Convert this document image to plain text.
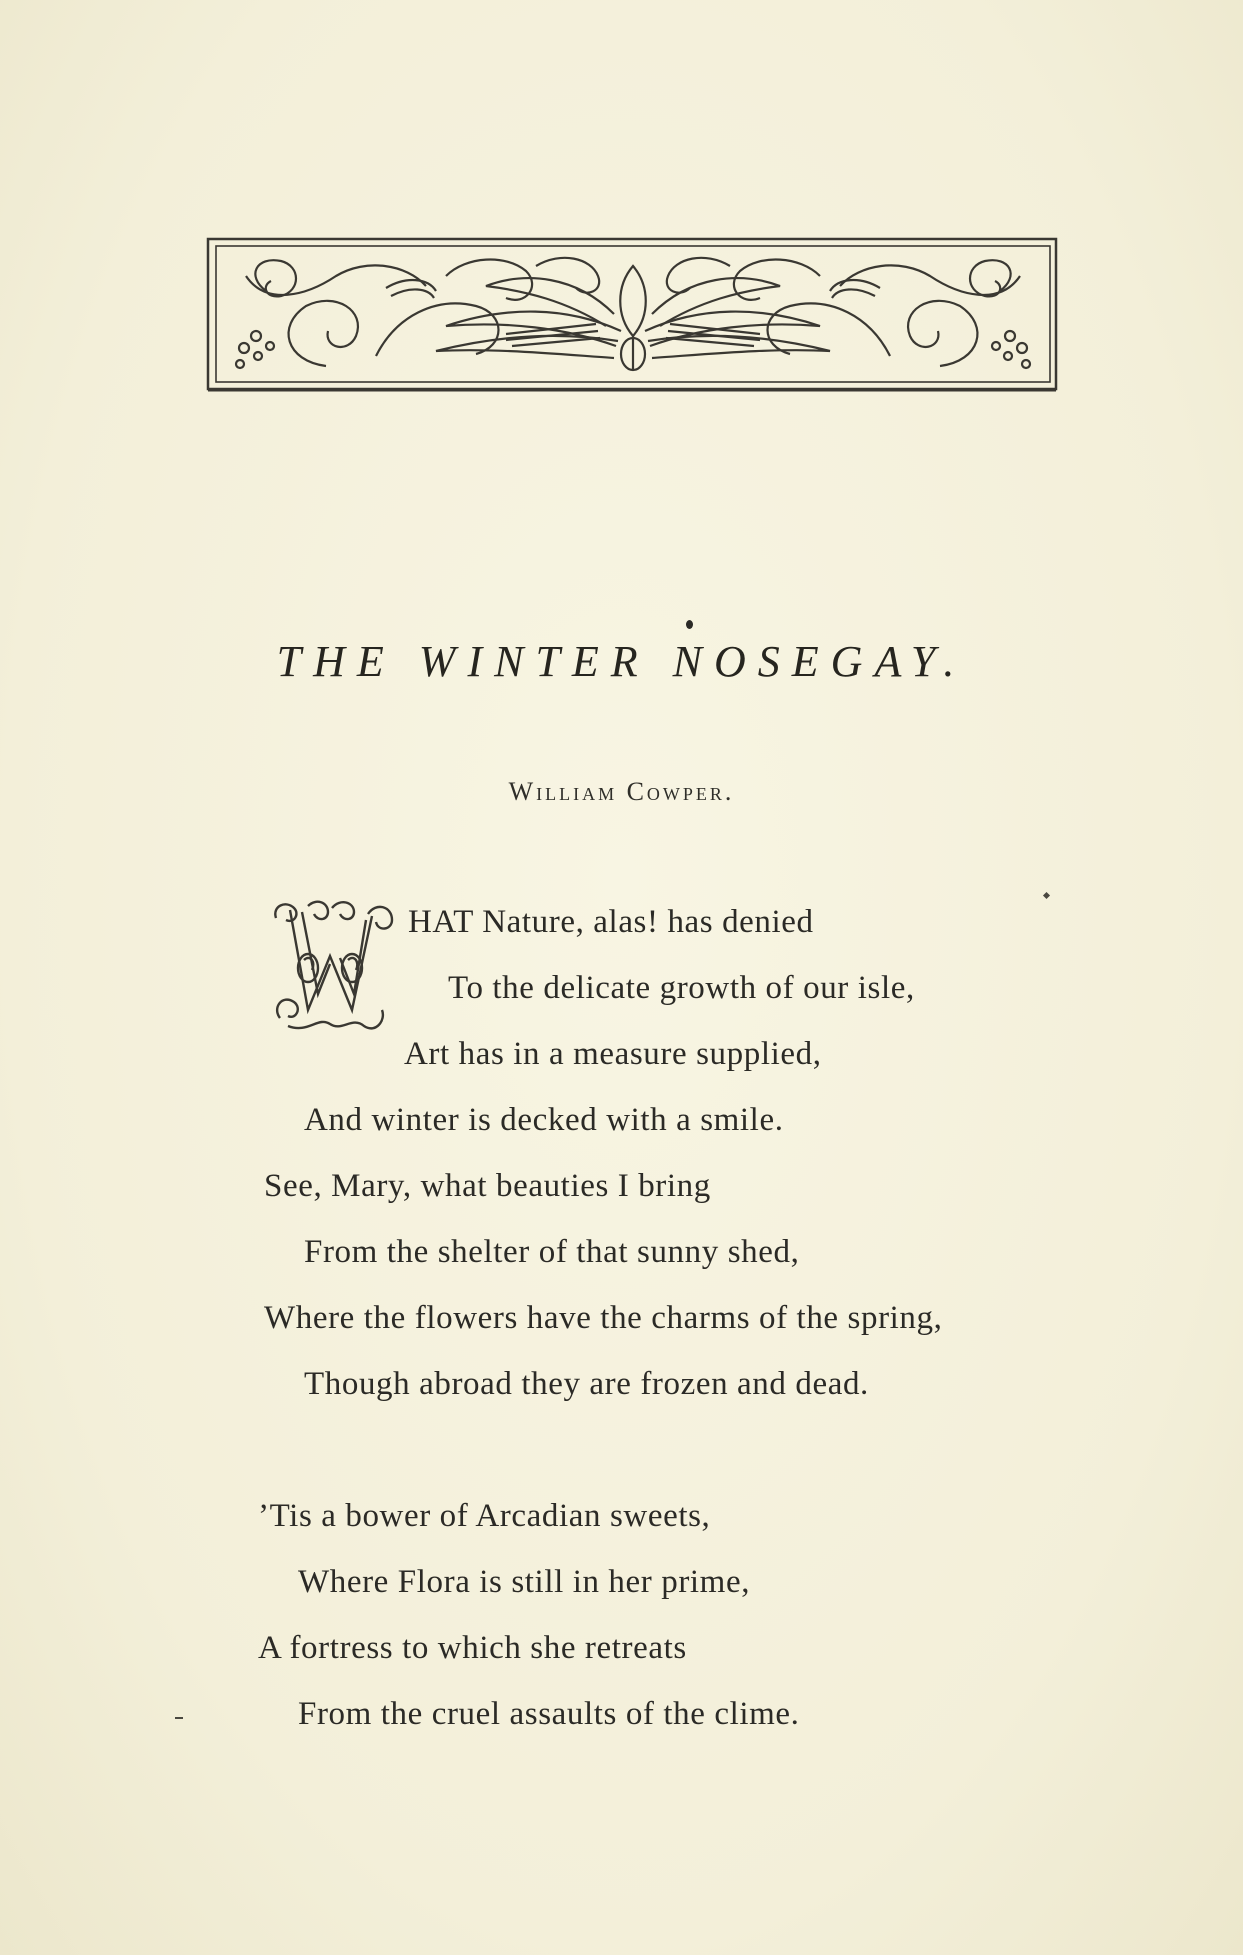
THE WINTER NOSEGAY.
William Cowper.
HAT Nature, alas! has denied
To the delicate growth of our isle,
Art has in a measure supplied,
And winter is decked with a smile.
See, Mary, what beauties I bring
From the shelter of that sunny shed,
Where the flowers have the charms of the spring,
Though abroad they are frozen and dead.
’Tis a bower of Arcadian sweets,
Where Flora is still in her prime,
A fortress to which she retreats
From the cruel assaults of the clime.
